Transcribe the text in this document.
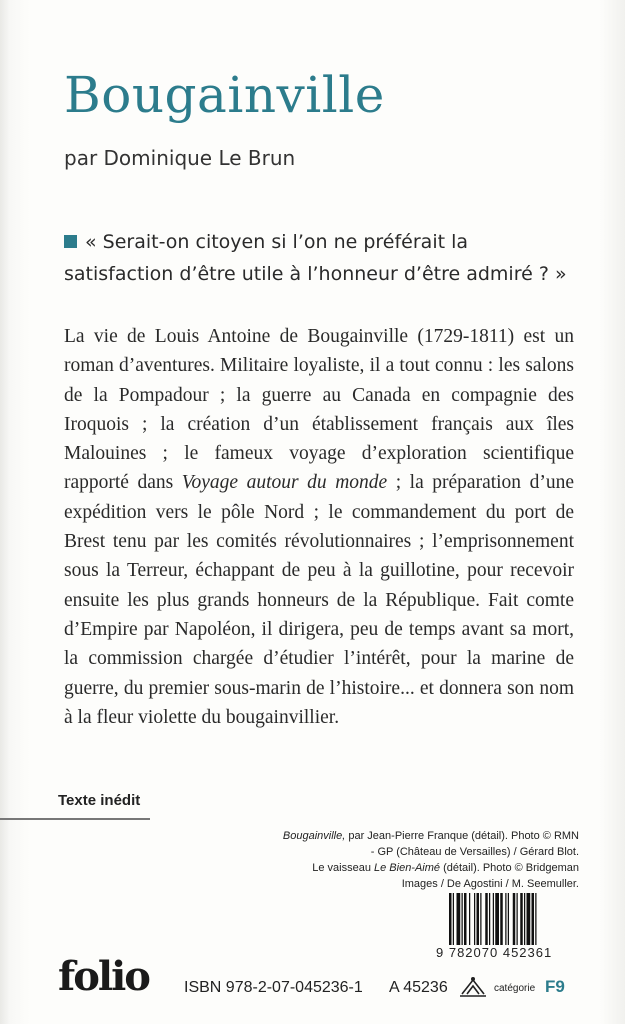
Bougainville
par Dominique Le Brun
« Serait-on citoyen si l’on ne préférait la satisfaction d’être utile à l’honneur d’être admiré ? »
La vie de Louis Antoine de Bougainville (1729-1811) est un roman d’aventures. Militaire loyaliste, il a tout connu : les salons de la Pompadour ; la guerre au Canada en compagnie des Iroquois ; la création d’un établissement français aux îles Malouines ; le fameux voyage d’exploration scientifique rapporté dans Voyage autour du monde ; la préparation d’une expédition vers le pôle Nord ; le commandement du port de Brest tenu par les comités révolutionnaires ; l’emprisonnement sous la Terreur, échappant de peu à la guillotine, pour recevoir ensuite les plus grands honneurs de la République. Fait comte d’Empire par Napoléon, il dirigera, peu de temps avant sa mort, la commission chargée d’étudier l’intérêt, pour la marine de guerre, du premier sous-marin de l’histoire... et donnera son nom à la fleur violette du bougainvillier.
Texte inédit
Bougainville, par Jean-Pierre Franque (détail). Photo © RMN
- GP (Château de Versailles) / Gérard Blot.
Le vaisseau Le Bien-Aimé (détail). Photo © Bridgeman
Images / De Agostini / M. Seemuller.
9 782070 452361
folio ISBN 978-2-07-045236-1 A 45236	catégorie F9
